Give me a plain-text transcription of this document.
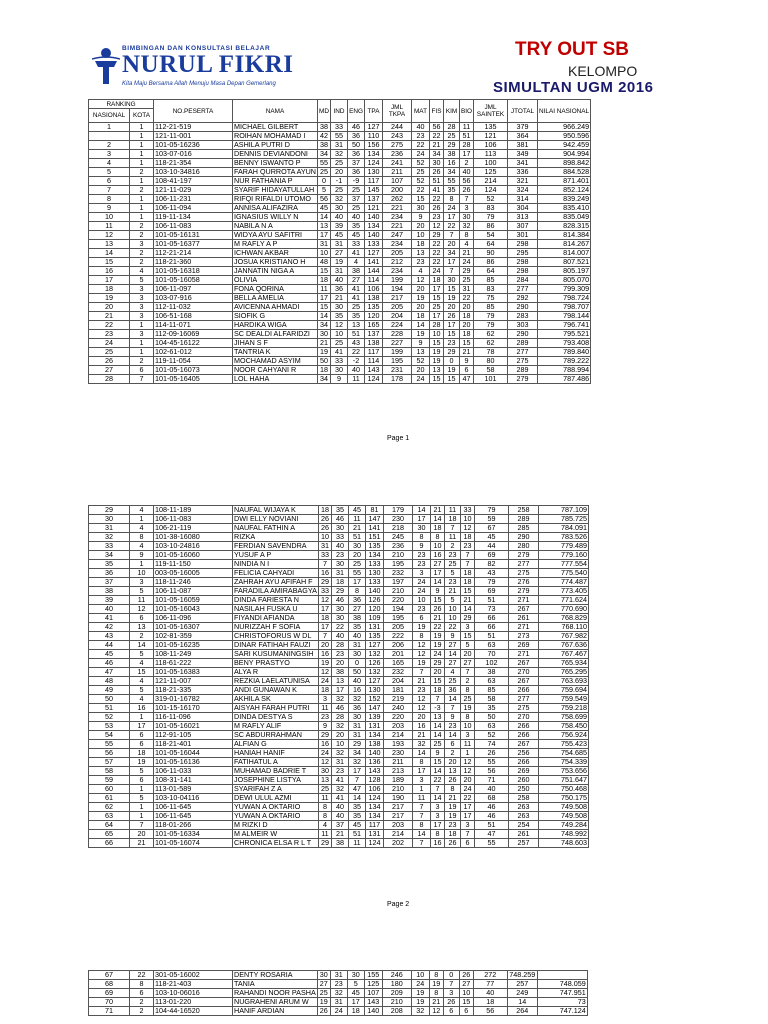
BIMBINGAN DAN KONSULTASI BELAJAR
NURUL FIKRI
Kita Maju Bersama Allah Menuju Masa Depan Gemerlang
TRY OUT SB
KELOMPO
SIMULTAN UGM 2016
RANKING		NO.PESERTA	NAMA	MD	IND	ENG	TPA	JML TKPA	MAT	FIS	KIM	BIO	JML SAINTEK	JTOTAL	NILAI NASIONAL
NASIONAL	KOTA														
1	1	112-21-519	MICHAEL GILBERT	38	33	46	127	244	40	56	28	11	135	379	966.249
	1	121-11-001	ROIHAN MOHAMAD I	42	55	36	110	243	23	22	25	51	121	364	950.596
2	1	101-05-16236	ASHILA PUTRI D	38	31	50	156	275	22	21	29	28	106	381	942.459
3	1	103-07-016	DENNIS DEVIANDONI	34	32	36	134	236	24	34	38	17	113	349	904.994
4	1	118-21-354	BENNY ISWANTO P	55	25	37	124	241	52	30	16	2	100	341	898.842
5	2	103-10-34816	FARAH QURROTA AYUN	25	20	36	130	211	25	26	34	40	125	336	884.528
6	1	108-41-197	NUR FATHANIA P	0	-1	-9	117	107	52	51	55	56	214	321	871.401
7	2	121-11-029	SYARIF HIDAYATULLAH	5	25	25	145	200	22	41	35	26	124	324	852.124
8	1	106-11-231	RIFQI RIFALDI UTOMO	56	32	37	137	262	15	22	8	7	52	314	839.249
9	1	106-11-094	ANNISA ALIFAZIRA	45	30	25	121	221	30	26	24	3	83	304	835.410
10	1	119-11-134	IGNASIUS WILLY N	14	40	40	140	234	9	23	17	30	79	313	835.049
11	2	106-11-083	NABILA N A	13	39	35	134	221	20	12	22	32	86	307	828.315
12	2	101-05-16131	WIDYA AYU SAFITRI	17	45	45	140	247	10	29	7	8	54	301	814.384
13	3	101-05-16377	M RAFLY A P	31	31	33	133	234	18	22	20	4	64	298	814.267
14	2	112-21-214	ICHWAN AKBAR	10	27	41	127	205	13	22	34	21	90	295	814.007
15	2	118-21-360	JOSUA KRISTIANO H	48	19	4	141	212	23	22	17	24	86	298	807.521
16	4	101-05-16318	JANNATIN NIGA A	15	31	38	144	234	4	24	7	29	64	298	805.197
17	5	101-05-16058	OLIVIA	18	40	27	114	199	12	18	30	25	85	284	805.070
18	3	106-11-097	FONA QORINA	11	36	41	106	194	20	17	15	31	83	277	799.309
19	3	103-07-916	BELLA AMELIA	17	21	41	138	217	19	15	19	22	75	292	798.724
20	3	112-11-032	AVICENNA AHMADI	15	30	25	135	205	20	25	20	20	85	290	798.707
21	3	106-51-168	SIOFIK G	14	35	35	120	204	18	17	26	18	79	283	798.144
22	1	114-11-071	HARDIKA WIGA	34	12	13	165	224	14	28	17	20	79	303	796.741
23	3	112-09-16069	SC DEALDI ALFARIDZI	30	10	51	137	228	19	10	15	18	62	290	795.521
24	1	104-45-16122	JIHAN S F	21	25	43	138	227	9	15	23	15	62	289	793.408
25	1	102-61-012	TANTRIA K	19	41	22	117	199	13	19	29	21	78	277	789.840
26	2	119-11-054	MOCHAMAD ASYIM	50	33	-2	114	195	52	19	0	9	80	275	789.222
27	6	101-05-16073	NOOR CAHYANI R	18	30	40	143	231	20	13	19	6	58	289	788.994
28	7	101-05-16405	LOL HAHA	34	9	11	124	178	24	15	15	47	101	279	787.486
Page 1
29	4	108-11-189	NAUFAL WIJAYA K	18	35	45	81	179	14	21	11	33	79	258	787.109
30	1	106-11-083	DWI ELLY NOVIANI	26	46	11	147	230	17	14	18	10	59	289	785.725
31	4	106-21-119	NAUFAL FATHIN A	26	30	21	141	218	30	18	7	12	67	285	784.091
32	8	101-38-16080	RIZKA	10	33	51	151	245	8	8	11	18	45	290	783.526
33	4	103-10-24816	FERDIAN SAVENDRA	31	40	30	135	236	9	10	2	23	44	280	779.489
34	9	101-05-16060	YUSUF A P	33	23	20	134	210	23	16	23	7	69	279	779.160
35	1	119-11-150	NINDIA N I	7	30	25	133	195	23	27	25	7	82	277	777.554
36	10	003-05-16005	FELICIA CAHYADI	16	31	55	130	232	3	17	5	18	43	275	775.540
37	3	118-11-246	ZAHRAH AYU AFIFAH F	29	18	17	133	197	24	14	23	18	79	276	774.487
38	5	106-11-087	FARADILA AMIRABAGYA	33	29	8	140	210	24	9	21	15	69	279	773.405
39	11	101-05-16059	DINDA FARIESTA N	12	46	36	126	220	10	15	5	21	51	271	771.624
40	12	101-05-16043	NASILAH FUSKA U	17	30	27	120	194	23	26	10	14	73	267	770.690
41	6	106-11-096	FIYANDI AFIANDA	18	30	38	109	195	6	21	10	29	66	261	768.829
42	13	101-05-16307	NURIZZAH F SOFIA	17	22	35	131	205	19	22	22	3	66	271	768.110
43	2	102-81-359	CHRISTOFORUS W DL	7	40	40	135	222	8	19	9	15	51	273	767.982
44	14	101-05-16235	DINAR FATIHAH FAUZI	20	28	31	127	206	12	19	27	5	63	269	767.636
45	5	108-11-249	SARI KUSUMANINGSIH	16	23	30	132	201	12	24	14	20	70	271	767.467
46	4	118-61-222	BENY PRASTYO	19	20	0	126	165	19	29	27	27	102	267	765.934
47	15	101-05-16383	ALYA R	12	38	50	132	232	7	20	4	7	38	270	765.295
48	4	121-11-007	REZKIA LAELATUNISA	24	13	40	127	204	21	15	25	2	63	267	763.693
49	5	118-21-335	ANDI GUNAWAN K	18	17	16	130	181	23	18	36	8	85	266	759.694
50	4	319-01-16782	AKHILA SK	3	32	32	152	219	12	7	14	25	58	277	759.549
51	16	101-15-16170	AISYAH FARAH PUTRI	11	46	36	147	240	12	-3	7	19	35	275	759.218
52	1	116-11-096	DINDA DESTYA S	23	28	30	139	220	20	13	9	8	50	270	758.699
53	17	101-05-16021	M RAFLY ALIF	9	32	31	131	203	16	14	23	10	63	266	758.450
54	6	112-91-105	SC ABDURRAHMAN	29	20	31	134	214	21	14	14	3	52	266	756.924
55	6	118-21-401	ALFIAN G	16	10	29	138	193	32	25	6	11	74	267	755.423
56	18	101-05-16044	HANIAH HANIF	24	32	34	140	230	14	9	2	1	26	256	754.685
57	19	101-05-16136	FATIHATUL A	12	31	32	136	211	8	15	20	12	55	266	754.339
58	5	106-11-033	MUHAMAD BADRIE T	30	23	17	143	213	17	14	13	12	56	269	753.656
59	6	108-31-141	JOSEPHINE LISTYA	13	41	7	128	189	3	22	26	20	71	260	751.647
60	1	113-01-589	SYARIFAH Z A	25	32	47	106	210	1	7	8	24	40	250	750.468
61	5	103-10-04116	DEWI ULUL AZMI	11	41	14	124	190	11	14	21	22	68	258	750.175
62	1	106-11-645	YUWAN A OKTARIO	8	40	35	134	217	7	3	19	17	46	263	749.508
63	1	106-11-645	YUWAN A OKTARIO	8	40	35	134	217	7	3	19	17	46	263	749.508
64	7	118-01-266	M RIZKI D	4	37	45	117	203	8	17	23	3	51	254	749.284
65	20	101-05-16334	M ALMEIR W	11	21	51	131	214	14	8	18	7	47	261	748.992
66	21	101-05-16074	CHRONICA ELSA R L T	29	38	11	124	202	7	16	26	6	55	257	748.603
Page 2
67	22	301-05-16002	DENTY ROSARIA	30	31	30	155	246	10	8	0	26	272	748.259	
68	8	118-21-403	TANIA	27	23	5	125	180	24	19	7	27	77	257	748.059
69	6	103-10-06016	RAHANDI NOOR PASHA	25	32	45	107	209	19	8	3	10	40	249	747.951
70	2	113-01-220	NUGRAHENI ARUM W	19	31	17	143	210	19	21	26	15	18	14	73
71	2	104-44-16520	HANIF ARDIAN	26	24	18	140	208	32	12	6	6	56	264	747.124
